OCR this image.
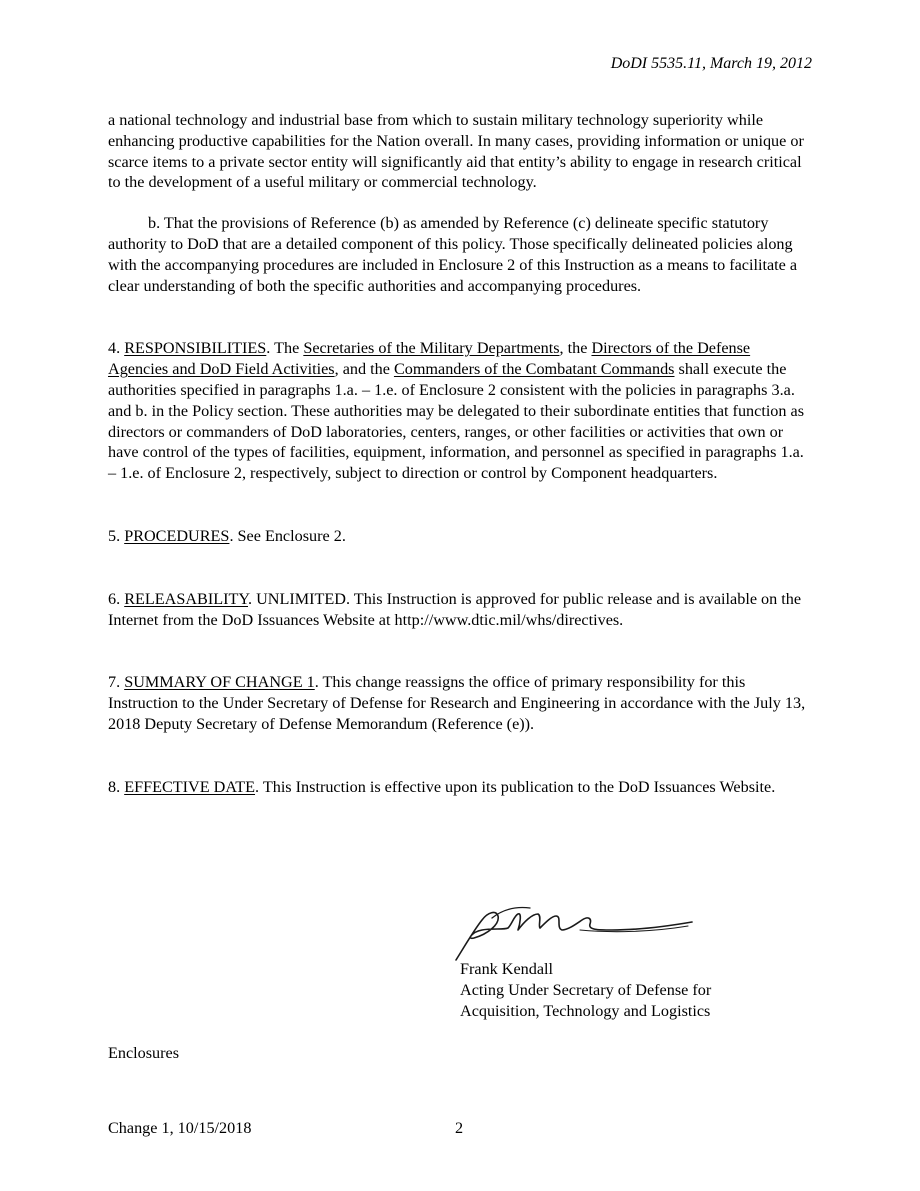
DoDI 5535.11, March 19, 2012

a national technology and industrial base from which to sustain military technology superiority while enhancing productive capabilities for the Nation overall. In many cases, providing information or unique or scarce items to a private sector entity will significantly aid that entity’s ability to engage in research critical to the development of a useful military or commercial technology.

b. That the provisions of Reference (b) as amended by Reference (c) delineate specific statutory authority to DoD that are a detailed component of this policy. Those specifically delineated policies along with the accompanying procedures are included in Enclosure 2 of this Instruction as a means to facilitate a clear understanding of both the specific authorities and accompanying procedures.

4. RESPONSIBILITIES. The Secretaries of the Military Departments, the Directors of the Defense Agencies and DoD Field Activities, and the Commanders of the Combatant Commands shall execute the authorities specified in paragraphs 1.a. – 1.e. of Enclosure 2 consistent with the policies in paragraphs 3.a. and b. in the Policy section. These authorities may be delegated to their subordinate entities that function as directors or commanders of DoD laboratories, centers, ranges, or other facilities or activities that own or have control of the types of facilities, equipment, information, and personnel as specified in paragraphs 1.a. – 1.e. of Enclosure 2, respectively, subject to direction or control by Component headquarters.

5. PROCEDURES. See Enclosure 2.

6. RELEASABILITY. UNLIMITED. This Instruction is approved for public release and is available on the Internet from the DoD Issuances Website at http://www.dtic.mil/whs/directives.

7. SUMMARY OF CHANGE 1. This change reassigns the office of primary responsibility for this Instruction to the Under Secretary of Defense for Research and Engineering in accordance with the July 13, 2018 Deputy Secretary of Defense Memorandum (Reference (e)).

8. EFFECTIVE DATE. This Instruction is effective upon its publication to the DoD Issuances Website.

Frank Kendall

Acting Under Secretary of Defense for

Acquisition, Technology and Logistics

Enclosures
Change 1, 10/15/2018	2
